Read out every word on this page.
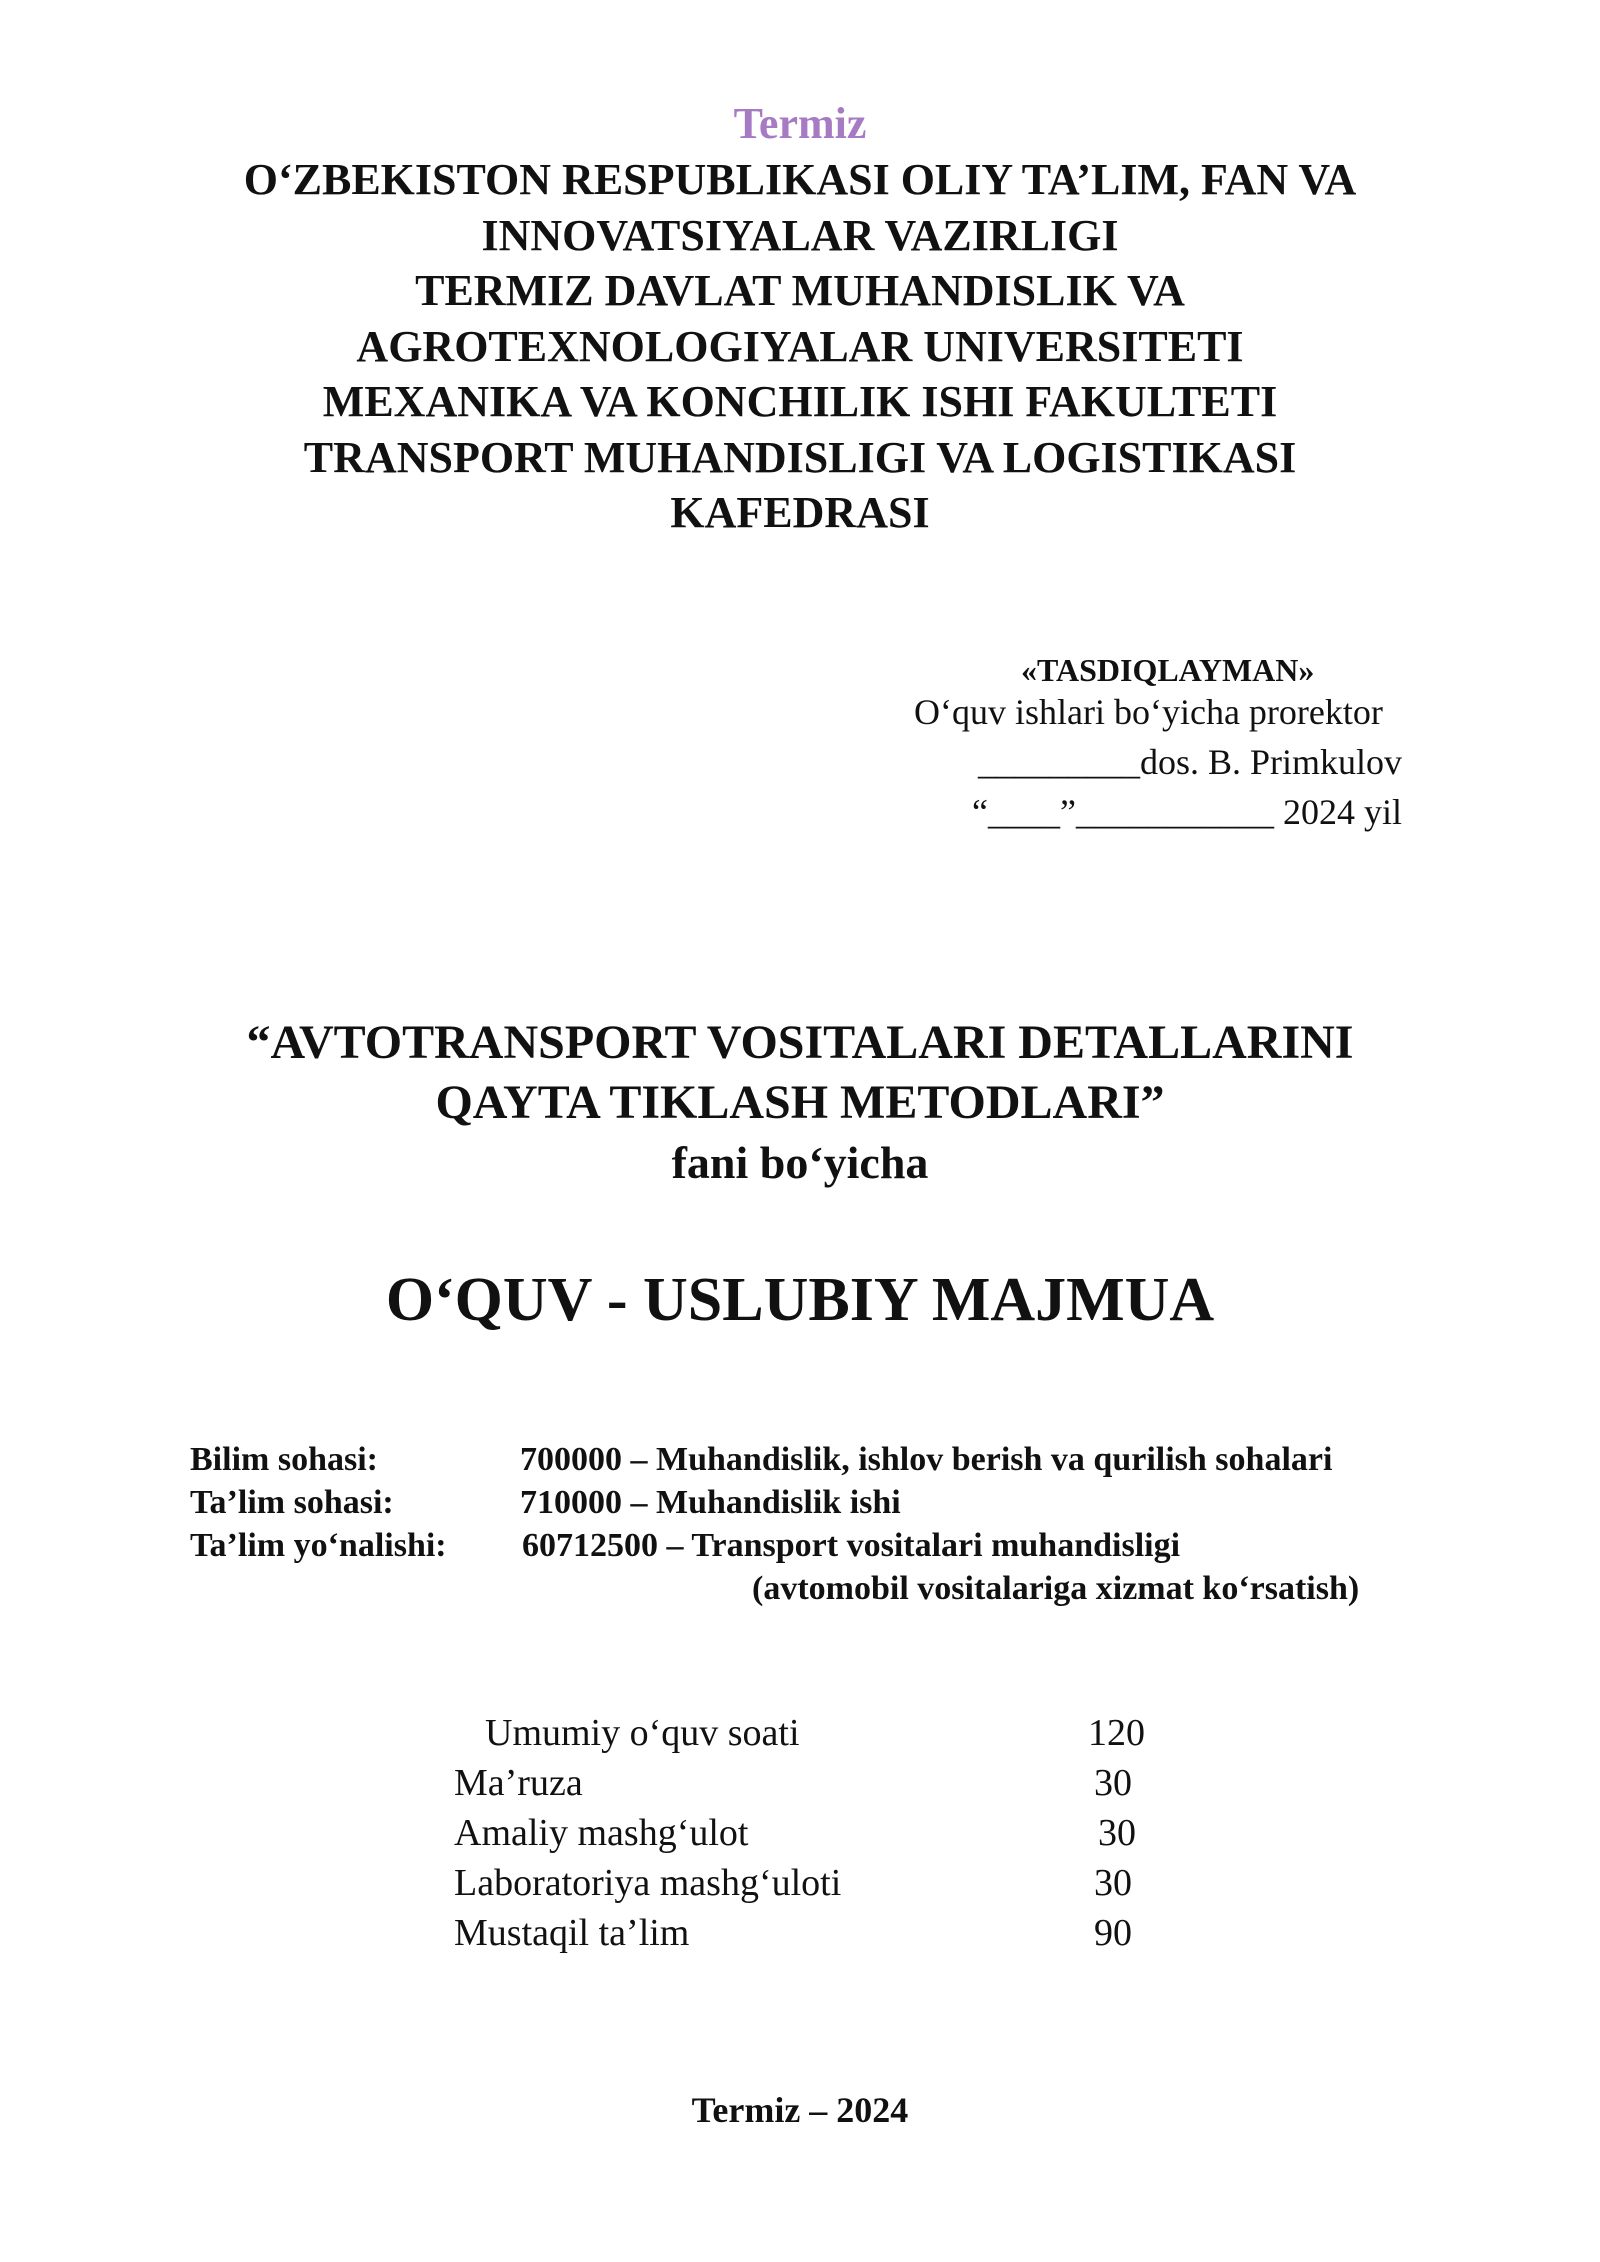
Termiz
O‘ZBEKISTON RESPUBLIKASI OLIY TA’LIM, FAN VA
INNOVATSIYALAR VAZIRLIGI
TERMIZ DAVLAT MUHANDISLIK VA
AGROTEXNOLOGIYALAR UNIVERSITETI
MEXANIKA VA KONCHILIK ISHI FAKULTETI
TRANSPORT MUHANDISLIGI VA LOGISTIKASI
KAFEDRASI
«TASDIQLAYMAN»
O‘quv ishlari bo‘yicha prorektor
_________dos. B. Primkulov
“____”___________ 2024 yil
“AVTOTRANSPORT VOSITALARI DETALLARINI
QAYTA TIKLASH METODLARI”
fani bo‘yicha
O‘QUV - USLUBIY MAJMUA
Bilim sohasi:	700000 – Muhandislik, ishlov berish va qurilish sohalari
Ta’lim sohasi:	710000 – Muhandislik ishi
Ta’lim yo‘nalishi: 60712500 – Transport vositalari muhandisligi
(avtomobil vositalariga xizmat ko‘rsatish)
Umumiy o‘quv soati	120
Ma’ruza	30
Amaliy mashg‘ulot	30
Laboratoriya mashg‘uloti	30
Mustaqil ta’lim	90
Termiz – 2024
